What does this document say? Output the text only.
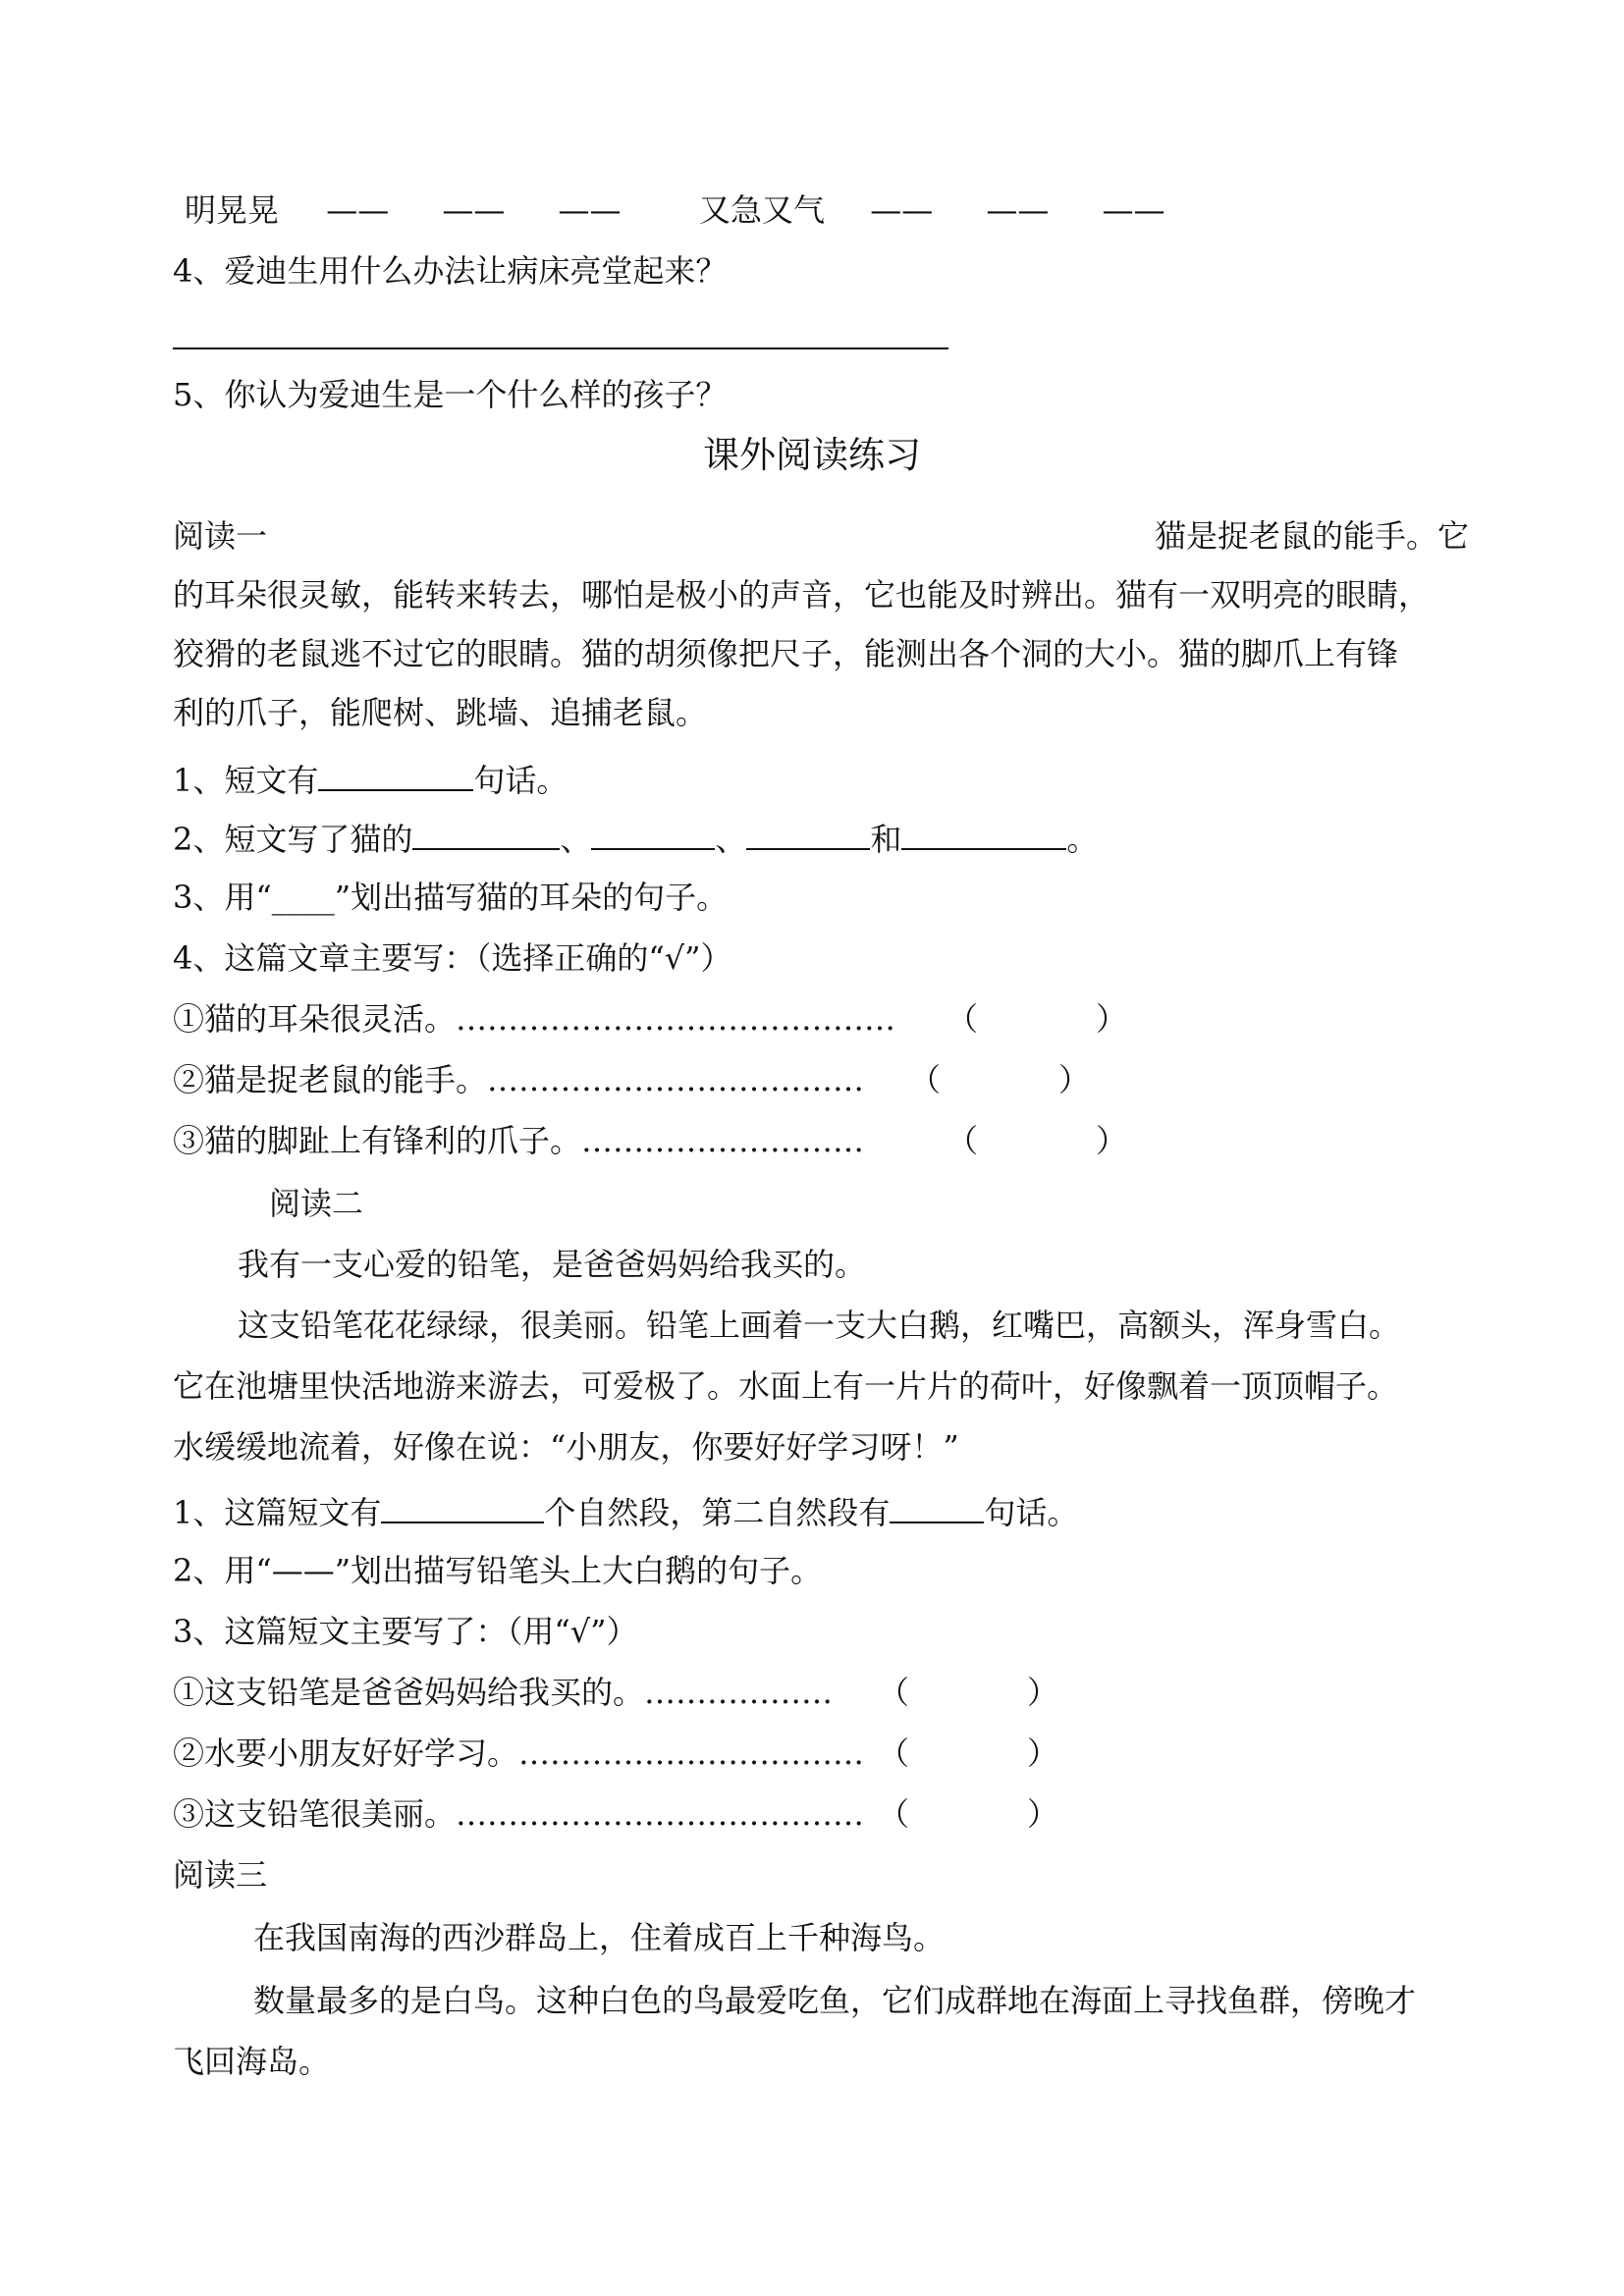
明晃晃 —— —— —— 又急又气 —— —— ——
4、爱迪生用什么办法让病床亮堂起来？
5、你认为爱迪生是一个什么样的孩子？
课外阅读练习
阅读一	猫是捉老鼠的能手。它
的耳朵很灵敏，能转来转去，哪怕是极小的声音，它也能及时辨出。猫有一双明亮的眼睛，
狡猾的老鼠逃不过它的眼睛。猫的胡须像把尺子，能测出各个洞的大小。猫的脚爪上有锋
利的爪子，能爬树、跳墙、追捕老鼠。
1、短文有	句话。
2、短文写了猫的	、	、	和	。
3、用“____”划出描写猫的耳朵的句子。
4、这篇文章主要写：（选择正确的“√”）
①猫的耳朵很灵活。…………………………………… （	）
②猫是捉老鼠的能手。……………………………… （	）
③猫的脚趾上有锋利的爪子。………………………	（	）
阅读二
我有一支心爱的铅笔，是爸爸妈妈给我买的。
这支铅笔花花绿绿，很美丽。铅笔上画着一支大白鹅，红嘴巴，高额头，浑身雪白。
它在池塘里快活地游来游去，可爱极了。水面上有一片片的荷叶，好像飘着一顶顶帽子。
水缓缓地流着，好像在说：“小朋友，你要好好学习呀！”
1、这篇短文有	个自然段，第二自然段有	句话。
2、用“——”划出描写铅笔头上大白鹅的句子。
3、这篇短文主要写了：（用“√”）
①这支铅笔是爸爸妈妈给我买的。……………… （	）
②水要小朋友好好学习。…………………………… （	）
③这支铅笔很美丽。………………………………… （	）
阅读三
在我国南海的西沙群岛上，住着成百上千种海鸟。
数量最多的是白鸟。这种白色的鸟最爱吃鱼，它们成群地在海面上寻找鱼群，傍晚才
飞回海岛。
